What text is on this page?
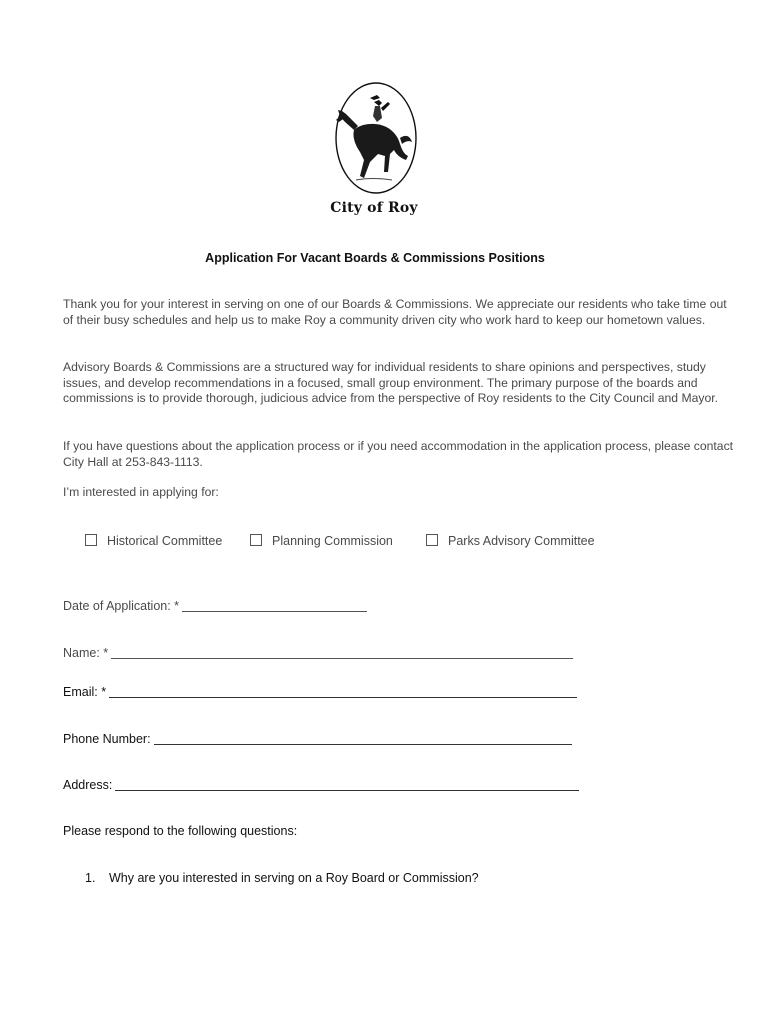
City of Roy
Application For Vacant Boards & Commissions Positions
Thank you for your interest in serving on one of our Boards & Commissions. We appreciate our residents who take time out of their busy schedules and help us to make Roy a community driven city who work hard to keep our hometown values.
Advisory Boards & Commissions are a structured way for individual residents to share opinions and perspectives, study issues, and develop recommendations in a focused, small group environment. The primary purpose of the boards and commissions is to provide thorough, judicious advice from the perspective of Roy residents to the City Council and Mayor.
If you have questions about the application process or if you need accommodation in the application process, please contact City Hall at 253-843-1113.
I’m interested in applying for:
Historical Committee	Planning Commission	Parks Advisory Committee
Date of Application: *
Name: *
Email: *
Phone Number:
Address:
Please respond to the following questions:
1. Why are you interested in serving on a Roy Board or Commission?
